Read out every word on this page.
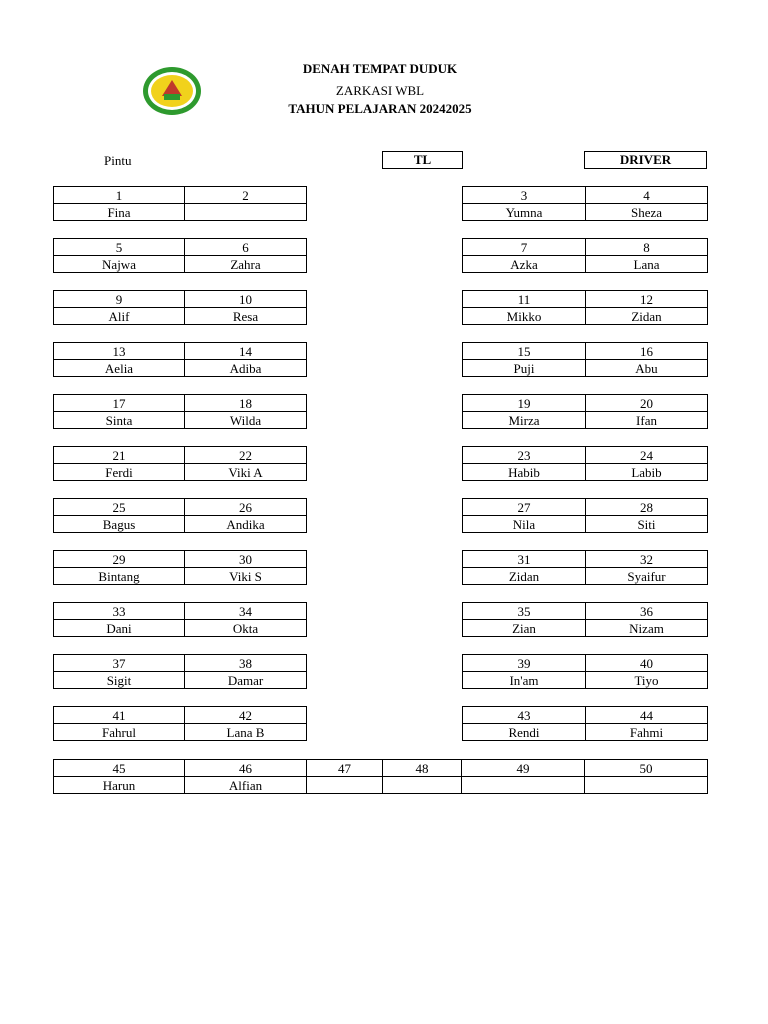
DENAH TEMPAT DUDUK
ZARKASI WBL
TAHUN PELAJARAN 20242025
Pintu	TL	DRIVER
1	2
Fina	
3	4
Yumna	Sheza
5	6
Najwa	Zahra
7	8
Azka	Lana
9	10
Alif	Resa
11	12
Mikko	Zidan
13	14
Aelia	Adiba
15	16
Puji	Abu
17	18
Sinta	Wilda
19	20
Mirza	Ifan
21	22
Ferdi	Viki A
23	24
Habib	Labib
25	26
Bagus	Andika
27	28
Nila	Siti
29	30
Bintang	Viki S
31	32
Zidan	Syaifur
33	34
Dani	Okta
35	36
Zian	Nizam
37	38
Sigit	Damar
39	40
In'am	Tiyo
41	42
Fahrul	Lana B
43	44
Rendi	Fahmi
45	46	47	48	49	50
Harun	Alfian				
